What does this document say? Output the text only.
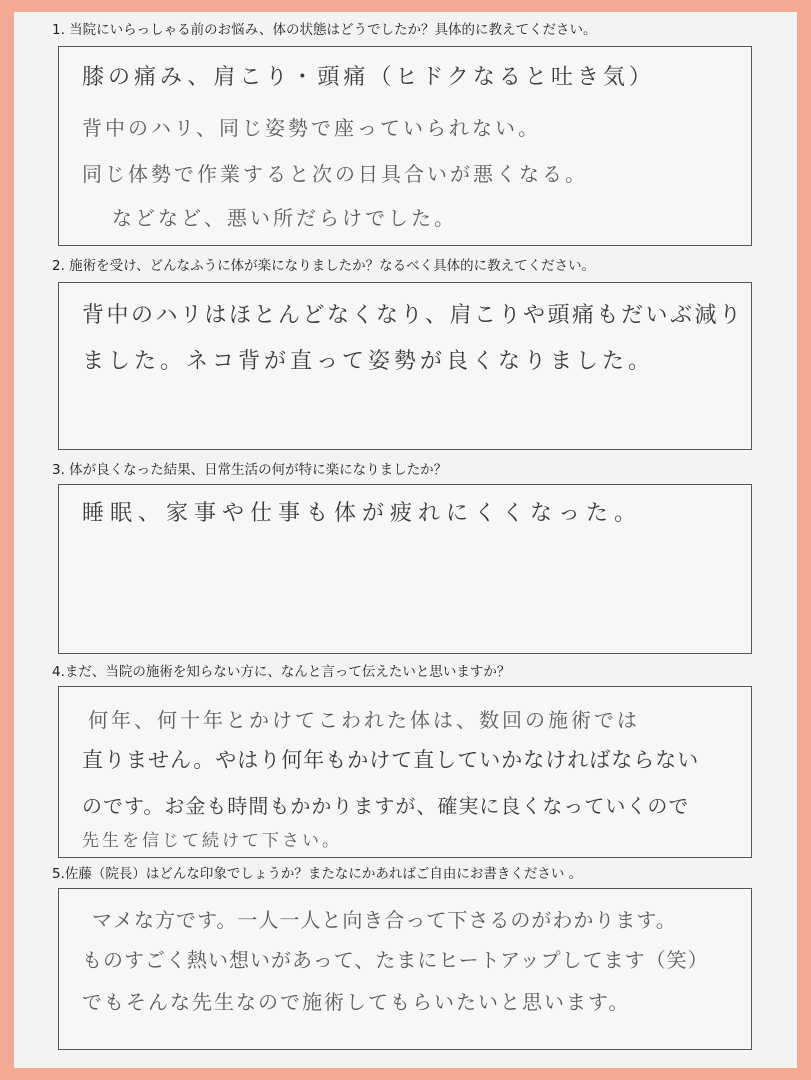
1. 当院にいらっしゃる前のお悩み、体の状態はどうでしたか？具体的に教えてください。
膝の痛み、肩こり・頭痛（ヒドクなると吐き気）
背中のハリ、同じ姿勢で座っていられない。
同じ体勢で作業すると次の日具合いが悪くなる。
などなど、悪い所だらけでした。
2. 施術を受け、どんなふうに体が楽になりましたか？なるべく具体的に教えてください。
背中のハリはほとんどなくなり、肩こりや頭痛もだいぶ減り
ました。ネコ背が直って姿勢が良くなりました。
3. 体が良くなった結果、日常生活の何が特に楽になりましたか？
睡眠、家事や仕事も体が疲れにくくなった。
4.まだ、当院の施術を知らない方に、なんと言って伝えたいと思いますか？
何年、何十年とかけてこわれた体は、数回の施術では
直りません。やはり何年もかけて直していかなければならない
のです。お金も時間もかかりますが、確実に良くなっていくので
先生を信じて続けて下さい。
5.佐藤（院長）はどんな印象でしょうか？またなにかあればご自由にお書きください 。
マメな方です。一人一人と向き合って下さるのがわかります。
ものすごく熱い想いがあって、たまにヒートアップしてます（笑）
でもそんな先生なので施術してもらいたいと思います。
